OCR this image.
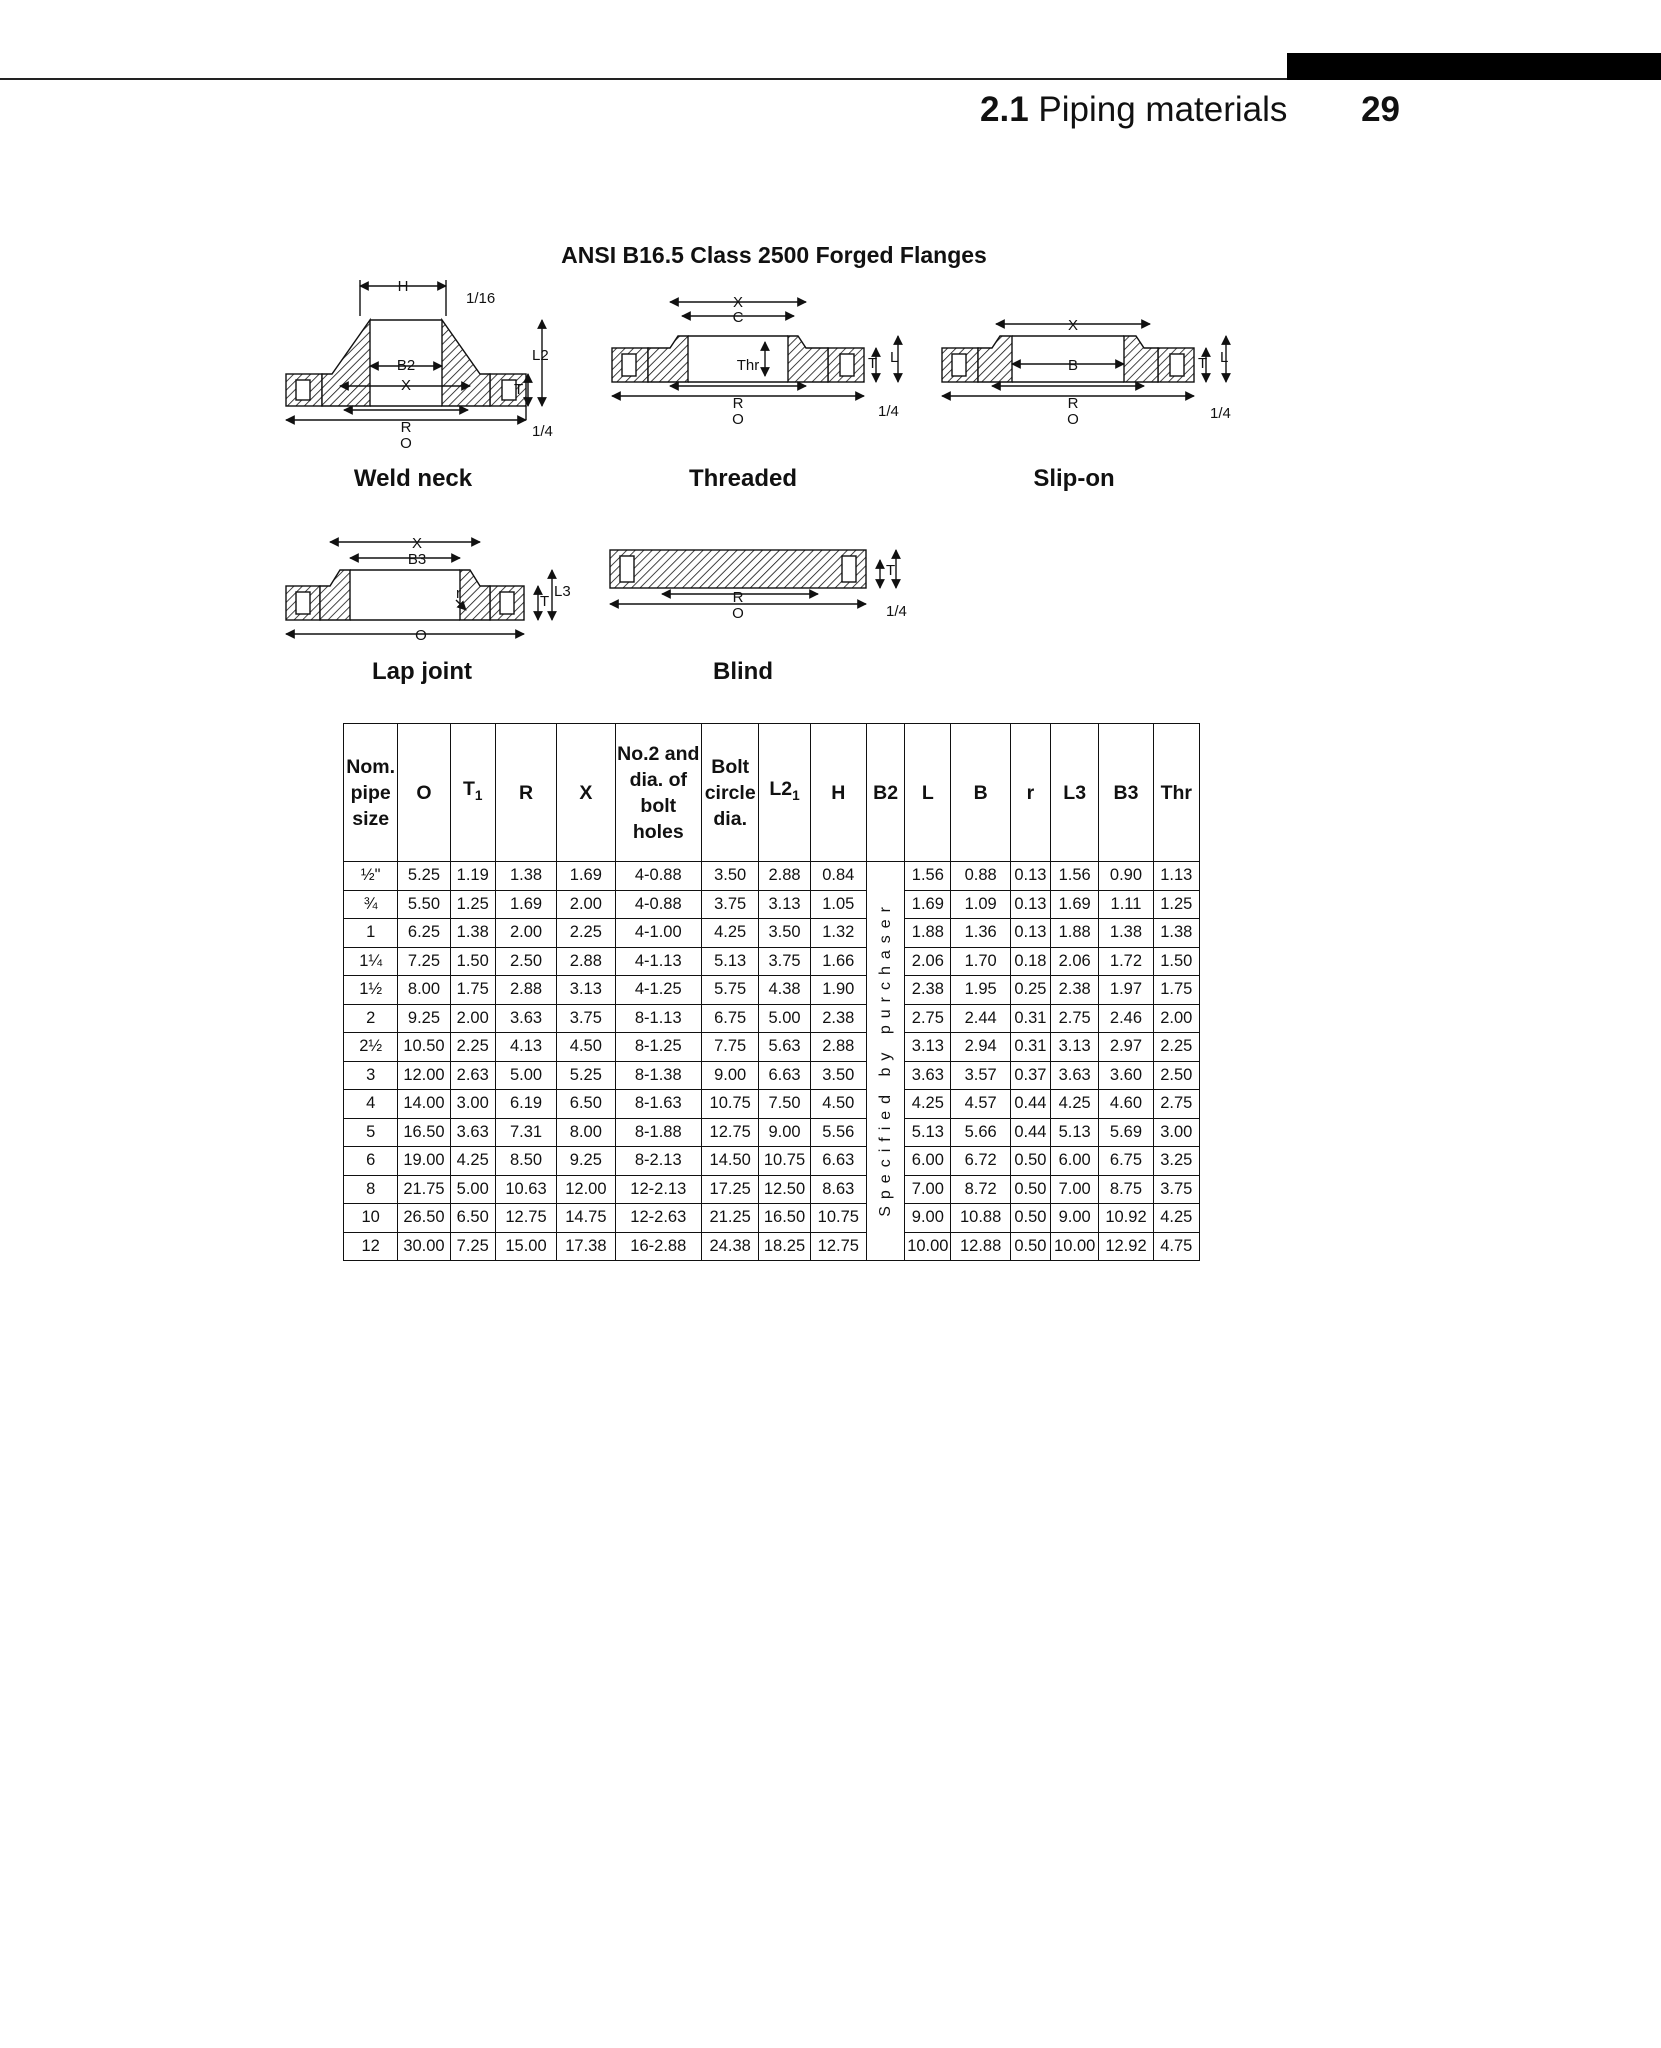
2.1 Piping materials 29
ANSI B16.5 Class 2500 Forged Flanges
H
1/16
L2
B2
X	T
R
O
1/4
X
C
Thr
R
O
T L
1/4
X
B
R
O
T L
1/4
X
B3
r	T
L3
O
R
O
T
1/4
Weld neck	Threaded	Slip-on
Lap joint	Blind
Nom. pipe size	O	$T_1$	R	X	No.2 and dia. of bolt holes	Bolt circle dia.	$L2_1$	H	B2	L	B	r	L3	B3	Thr
½"	5.25	1.19	1.38	1.69	4-0.88	3.50	2.88	0.84	Specified by purchaser	1.56	0.88	0.13	1.56	0.90	1.13
¾	5.50	1.25	1.69	2.00	4-0.88	3.75	3.13	1.05		1.69	1.09	0.13	1.69	1.11	1.25
1	6.25	1.38	2.00	2.25	4-1.00	4.25	3.50	1.32		1.88	1.36	0.13	1.88	1.38	1.38
1¼	7.25	1.50	2.50	2.88	4-1.13	5.13	3.75	1.66		2.06	1.70	0.18	2.06	1.72	1.50
1½	8.00	1.75	2.88	3.13	4-1.25	5.75	4.38	1.90		2.38	1.95	0.25	2.38	1.97	1.75
2	9.25	2.00	3.63	3.75	8-1.13	6.75	5.00	2.38		2.75	2.44	0.31	2.75	2.46	2.00
2½	10.50	2.25	4.13	4.50	8-1.25	7.75	5.63	2.88		3.13	2.94	0.31	3.13	2.97	2.25
3	12.00	2.63	5.00	5.25	8-1.38	9.00	6.63	3.50		3.63	3.57	0.37	3.63	3.60	2.50
4	14.00	3.00	6.19	6.50	8-1.63	10.75	7.50	4.50		4.25	4.57	0.44	4.25	4.60	2.75
5	16.50	3.63	7.31	8.00	8-1.88	12.75	9.00	5.56		5.13	5.66	0.44	5.13	5.69	3.00
6	19.00	4.25	8.50	9.25	8-2.13	14.50	10.75	6.63		6.00	6.72	0.50	6.00	6.75	3.25
8	21.75	5.00	10.63	12.00	12-2.13	17.25	12.50	8.63		7.00	8.72	0.50	7.00	8.75	3.75
10	26.50	6.50	12.75	14.75	12-2.63	21.25	16.50	10.75		9.00	10.88	0.50	9.00	10.92	4.25
12	30.00	7.25	15.00	17.38	16-2.88	24.38	18.25	12.75		10.00	12.88	0.50	10.00	12.92	4.75
